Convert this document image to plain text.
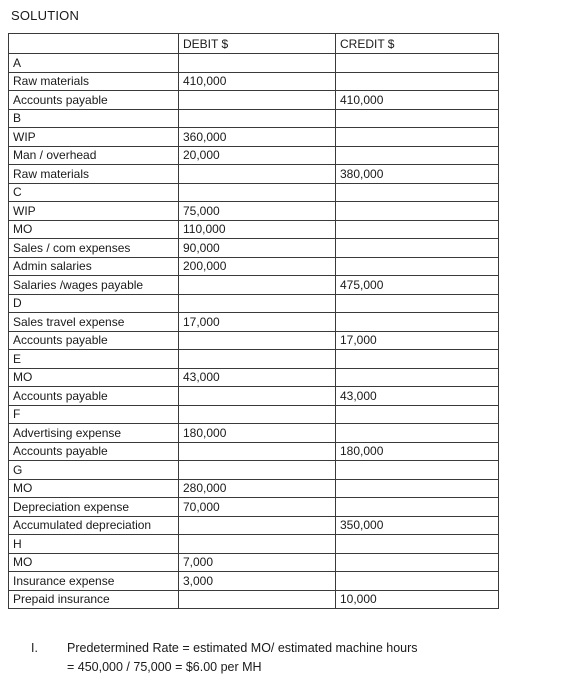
SOLUTION
	DEBIT $	CREDIT $
A		
Raw materials	410,000	
Accounts payable		410,000
B		
WIP	360,000	
Man / overhead	20,000	
Raw materials		380,000
C		
WIP	75,000	
MO	110,000	
Sales / com expenses	90,000	
Admin salaries	200,000	
Salaries /wages payable		475,000
D		
Sales travel expense	17,000	
Accounts payable		17,000
E		
MO	43,000	
Accounts payable		43,000
F		
Advertising expense	180,000	
Accounts payable		180,000
G		
MO	280,000	
Depreciation expense	70,000	
Accumulated depreciation		350,000
H		
MO	7,000	
Insurance expense	3,000	
Prepaid insurance		10,000
I. Predetermined Rate = estimated MO/ estimated machine hours
= 450,000 / 75,000 = $6.00 per MH
